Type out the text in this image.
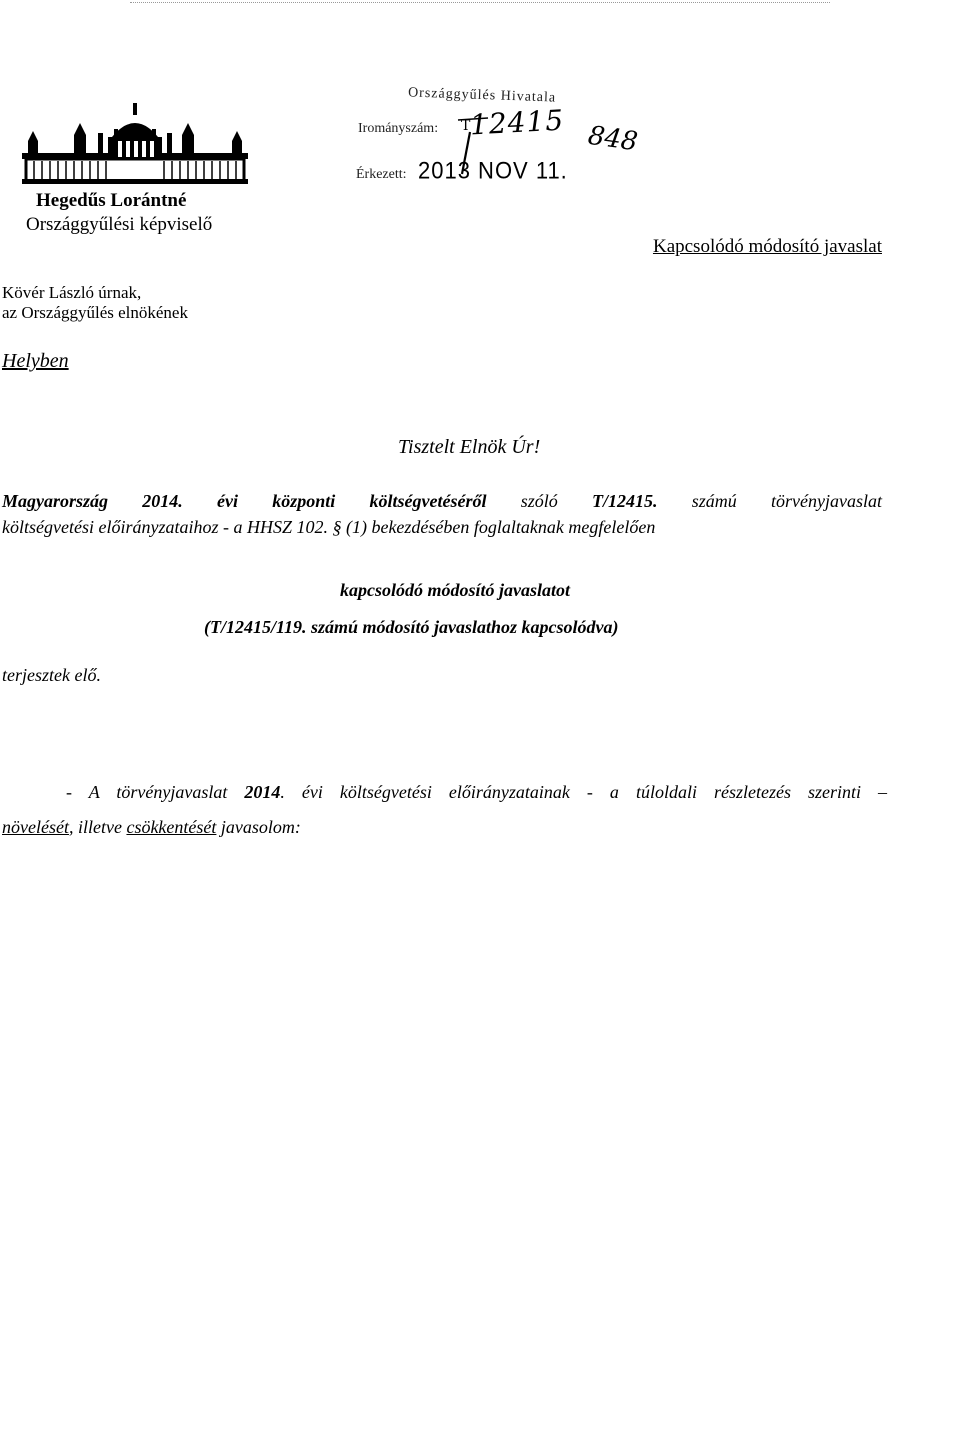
Hegedűs Lorántné
Országgyűlési képviselő
Országgyűlés Hivatala
Irományszám: T
12415 848
Érkezett: 2013 NOV 11.
Kapcsolódó módosító javaslat
Kövér László úrnak,
az Országgyűlés elnökének
Helyben
Tisztelt Elnök Úr!
Magyarország 2014. évi központi költségvetéséről szóló T/12415. számú törvényjavaslat
költségvetési előirányzataihoz - a HHSZ 102. § (1) bekezdésében foglaltaknak megfelelően
kapcsolódó módosító javaslatot
(T/12415/119. számú módosító javaslathoz kapcsolódva)
terjesztek elő.
- A törvényjavaslat 2014. évi költségvetési előirányzatainak - a túloldali részletezés szerinti –
növelését, illetve csökkentését javasolom:
